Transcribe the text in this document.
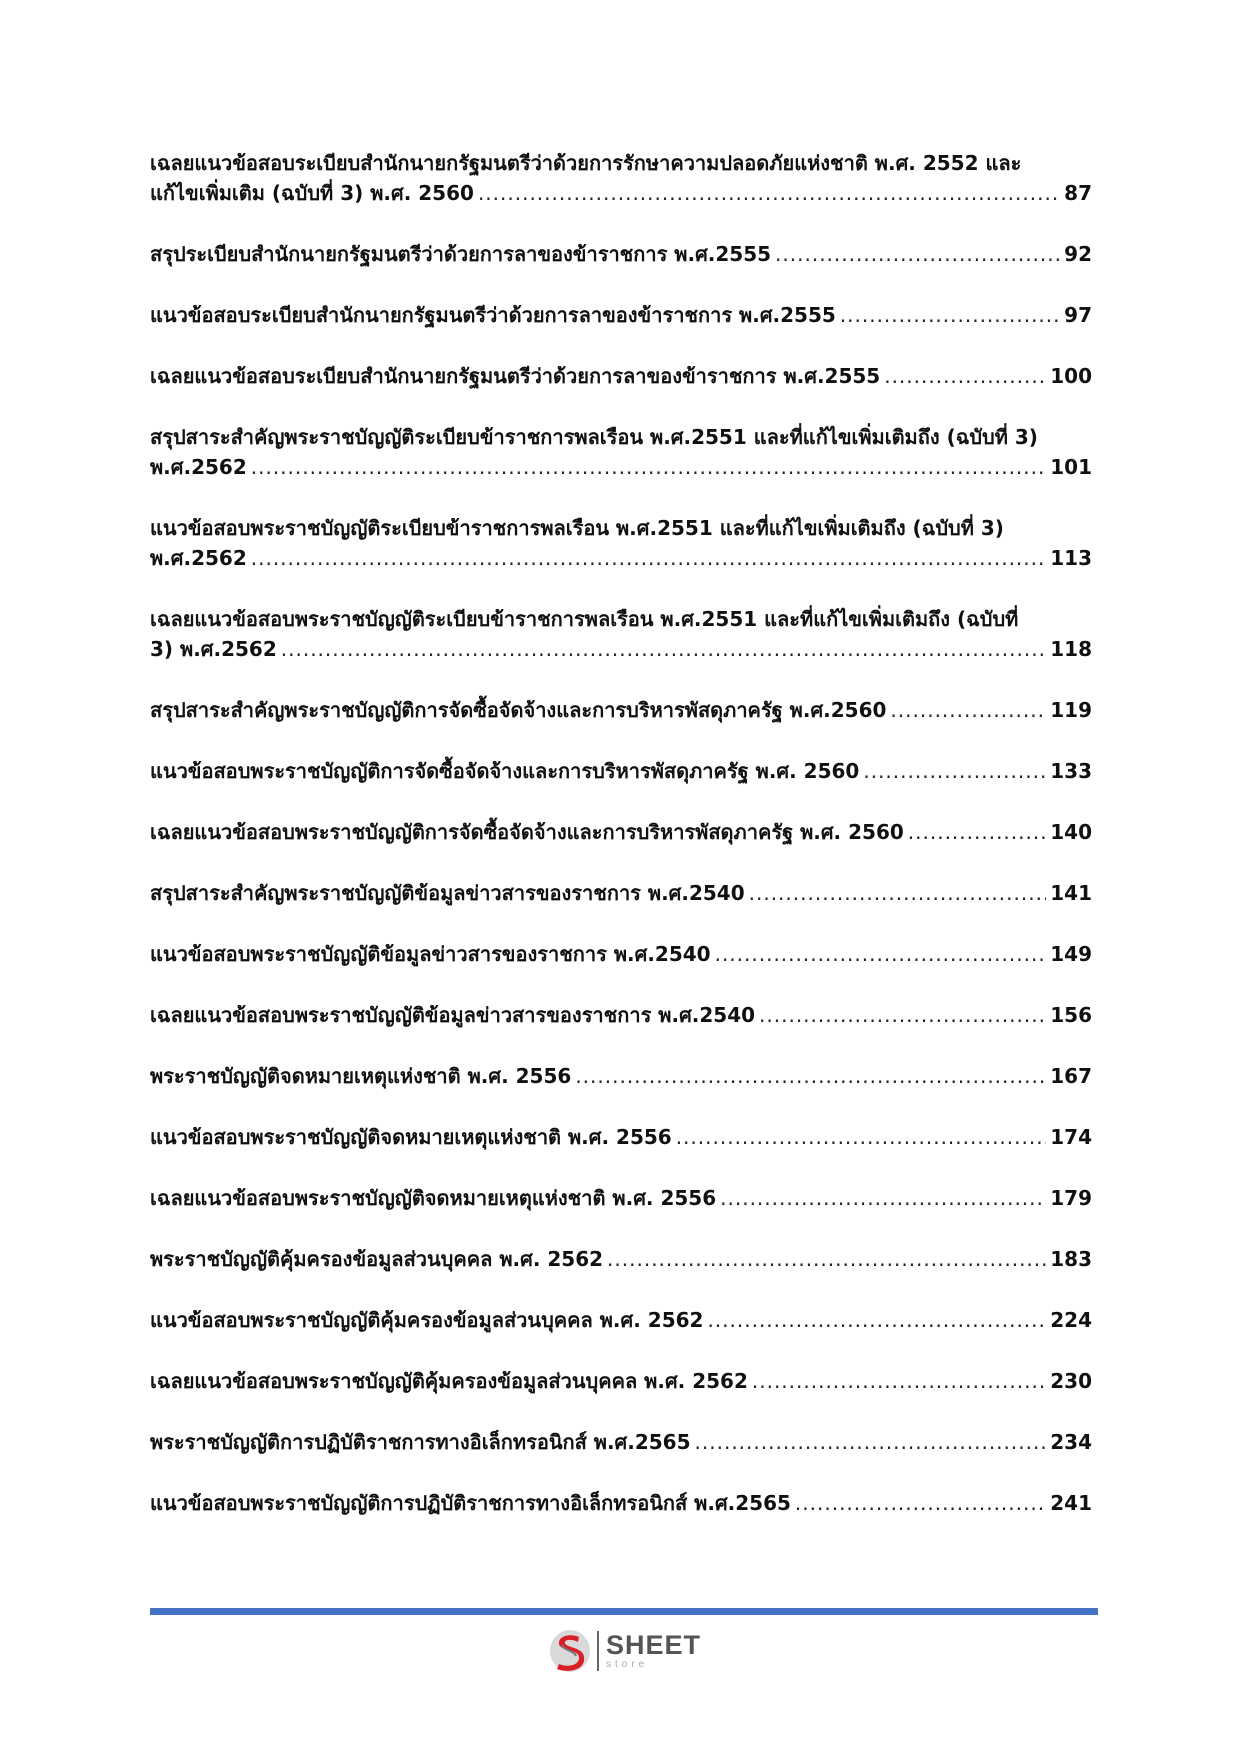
เฉลยแนวข้อสอบระเบียบสำนักนายกรัฐมนตรีว่าด้วยการรักษาความปลอดภัยแห่งชาติ พ.ศ. 2552 และ
แก้ไขเพิ่มเติม (ฉบับที่ 3) พ.ศ. 2560 .....	87
สรุประเบียบสำนักนายกรัฐมนตรีว่าด้วยการลาของข้าราชการ พ.ศ.2555 .....	92
แนวข้อสอบระเบียบสำนักนายกรัฐมนตรีว่าด้วยการลาของข้าราชการ พ.ศ.2555 .....	97
เฉลยแนวข้อสอบระเบียบสำนักนายกรัฐมนตรีว่าด้วยการลาของข้าราชการ พ.ศ.2555 .....	100
สรุปสาระสำคัญพระราชบัญญัติระเบียบข้าราชการพลเรือน พ.ศ.2551 และที่แก้ไขเพิ่มเติมถึง (ฉบับที่ 3)
พ.ศ.2562 .....	101
แนวข้อสอบพระราชบัญญัติระเบียบข้าราชการพลเรือน พ.ศ.2551 และที่แก้ไขเพิ่มเติมถึง (ฉบับที่ 3)
พ.ศ.2562 .....	113
เฉลยแนวข้อสอบพระราชบัญญัติระเบียบข้าราชการพลเรือน พ.ศ.2551 และที่แก้ไขเพิ่มเติมถึง (ฉบับที่
3) พ.ศ.2562 .....	118
สรุปสาระสำคัญพระราชบัญญัติการจัดซื้อจัดจ้างและการบริหารพัสดุภาครัฐ พ.ศ.2560 .....	119
แนวข้อสอบพระราชบัญญัติการจัดซื้อจัดจ้างและการบริหารพัสดุภาครัฐ พ.ศ. 2560 .....	133
เฉลยแนวข้อสอบพระราชบัญญัติการจัดซื้อจัดจ้างและการบริหารพัสดุภาครัฐ พ.ศ. 2560 .....	140
สรุปสาระสำคัญพระราชบัญญัติข้อมูลข่าวสารของราชการ พ.ศ.2540 .....	141
แนวข้อสอบพระราชบัญญัติข้อมูลข่าวสารของราชการ พ.ศ.2540 .....	149
เฉลยแนวข้อสอบพระราชบัญญัติข้อมูลข่าวสารของราชการ พ.ศ.2540 .....	156
พระราชบัญญัติจดหมายเหตุแห่งชาติ พ.ศ. 2556 .....	167
แนวข้อสอบพระราชบัญญัติจดหมายเหตุแห่งชาติ พ.ศ. 2556 .....	174
เฉลยแนวข้อสอบพระราชบัญญัติจดหมายเหตุแห่งชาติ พ.ศ. 2556 .....	179
พระราชบัญญัติคุ้มครองข้อมูลส่วนบุคคล พ.ศ. 2562 .....	183
แนวข้อสอบพระราชบัญญัติคุ้มครองข้อมูลส่วนบุคคล พ.ศ. 2562 .....	224
เฉลยแนวข้อสอบพระราชบัญญัติคุ้มครองข้อมูลส่วนบุคคล พ.ศ. 2562 .....	230
พระราชบัญญัติการปฏิบัติราชการทางอิเล็กทรอนิกส์ พ.ศ.2565 .....	234
แนวข้อสอบพระราชบัญญัติการปฏิบัติราชการทางอิเล็กทรอนิกส์ พ.ศ.2565 .....	241
SHEET
store
